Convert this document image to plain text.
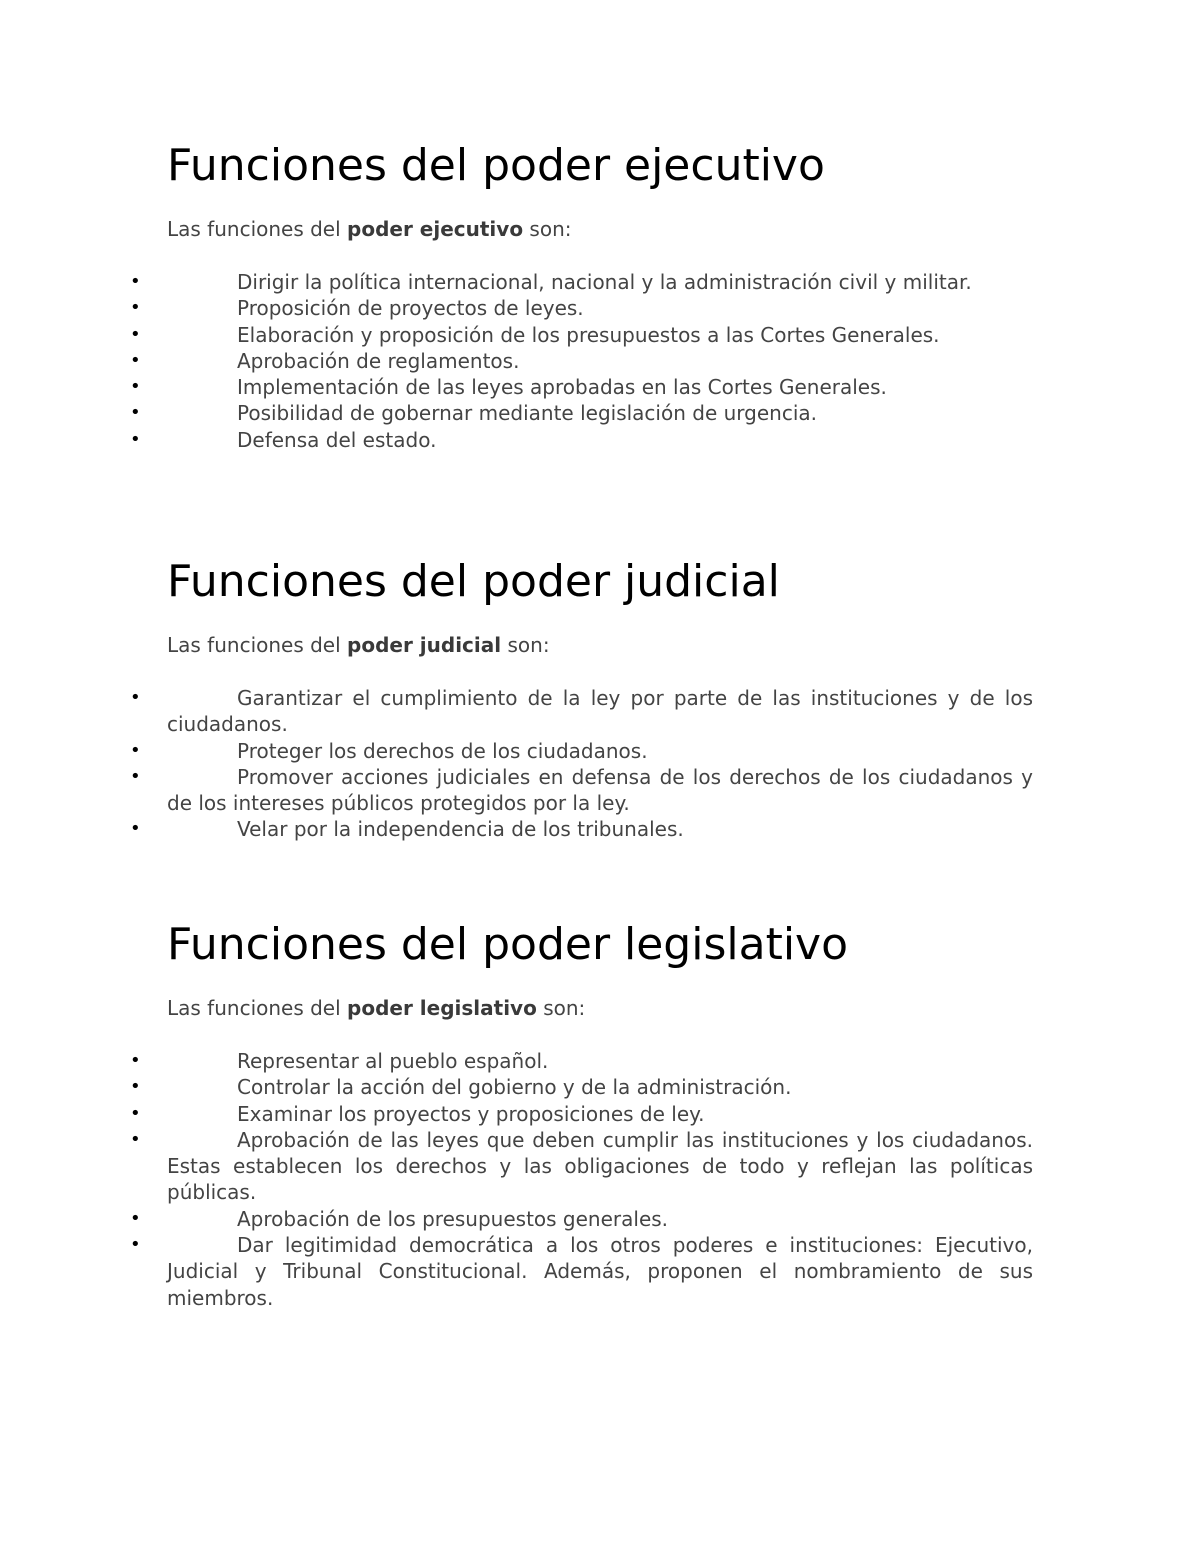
Funciones del poder ejecutivo

Las funciones del poder ejecutivo son:

•	Dirigir la política internacional, nacional y la administración civil y militar.
•	Proposición de proyectos de leyes.
•	Elaboración y proposición de los presupuestos a las Cortes Generales.
•	Aprobación de reglamentos.
•	Implementación de las leyes aprobadas en las Cortes Generales.
•	Posibilidad de gobernar mediante legislación de urgencia.
•	Defensa del estado.
Funciones del poder judicial

Las funciones del poder judicial son:

•	Garantizar el cumplimiento de la ley por parte de las instituciones y de los ciudadanos.
•	Proteger los derechos de los ciudadanos.
•	Promover acciones judiciales en defensa de los derechos de los ciudadanos y de los intereses públicos protegidos por la ley.
•	Velar por la independencia de los tribunales.
Funciones del poder legislativo

Las funciones del poder legislativo son:

•	Representar al pueblo español.
•	Controlar la acción del gobierno y de la administración.
•	Examinar los proyectos y proposiciones de ley.
•	Aprobación de las leyes que deben cumplir las instituciones y los ciudadanos. Estas establecen los derechos y las obligaciones de todo y reflejan las políticas públicas.
•	Aprobación de los presupuestos generales.
•	Dar legitimidad democrática a los otros poderes e instituciones: Ejecutivo, Judicial y Tribunal Constitucional. Además, proponen el nombramiento de sus miembros.
